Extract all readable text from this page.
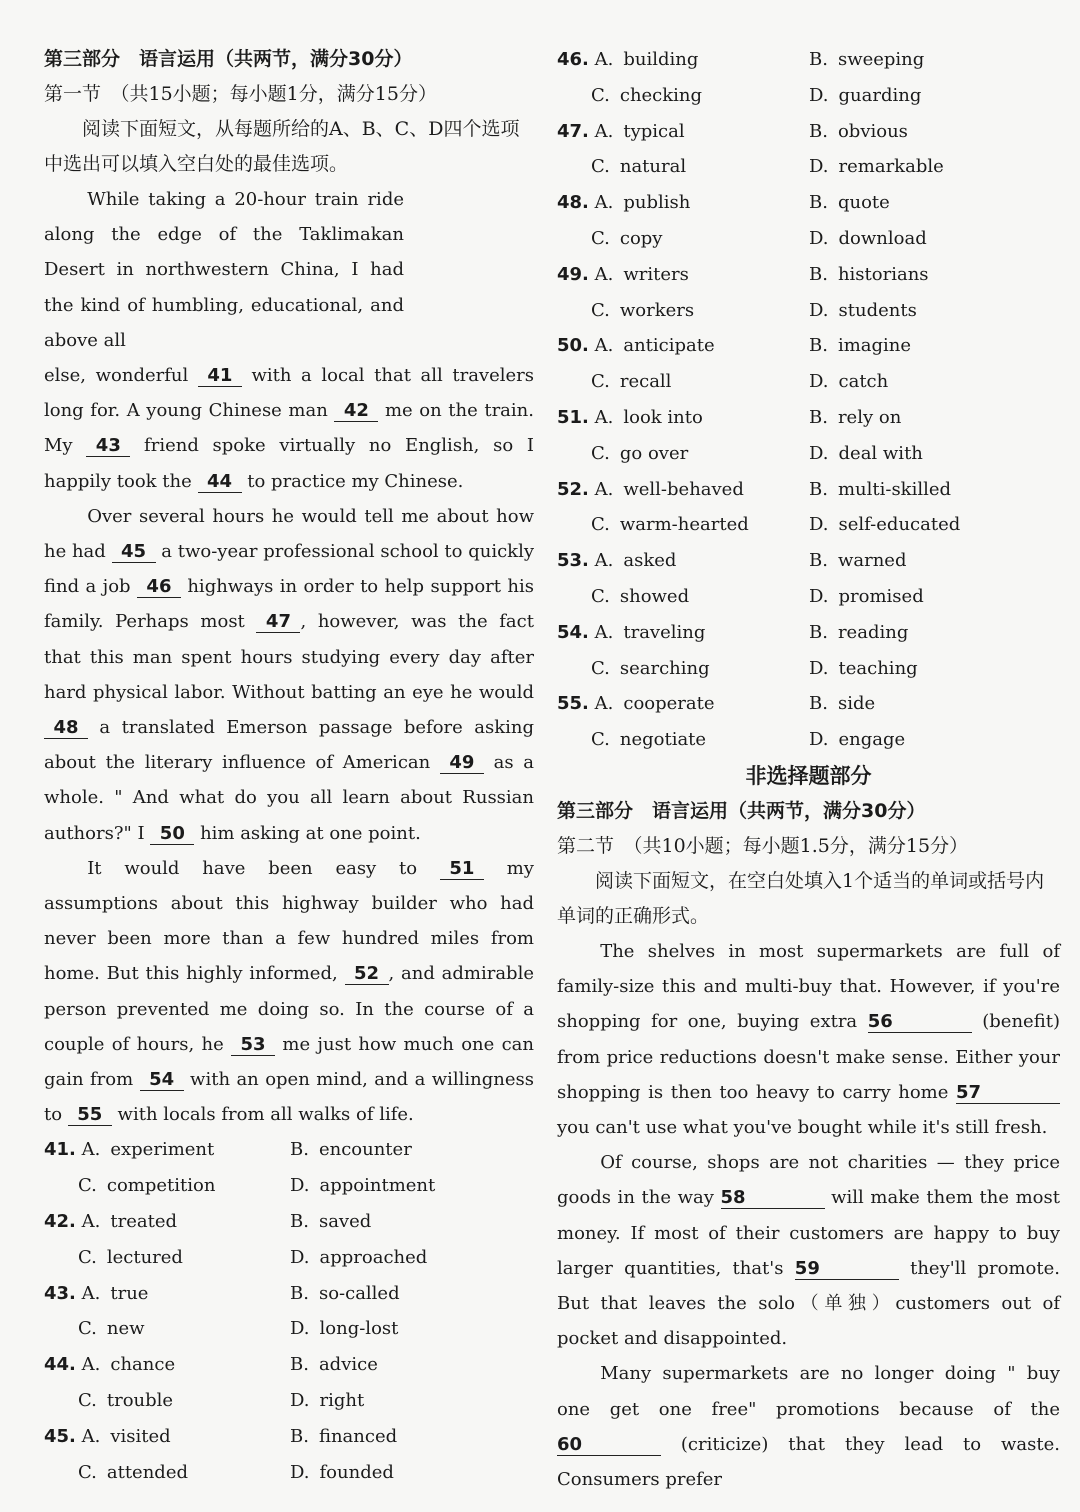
第三部分　语言运用（共两节，满分30分）
第一节　（共15小题；每小题1分，满分15分）
阅读下面短文，从每题所给的A、B、C、D四个选项中选出可以填入空白处的最佳选项。

While taking a 20-hour train ride along the edge of the Taklimakan Desert in northwestern China, I had the kind of humbling, educational, and above all

else, wonderful 41 with a local that all travelers long for. A young Chinese man 42 me on the train. My 43 friend spoke virtually no English, so I happily took the 44 to practice my Chinese.

Over several hours he would tell me about how he had 45 a two-year professional school to quickly find a job 46 highways in order to help support his family. Perhaps most 47 , however, was the fact that this man spent hours studying every day after hard physical labor. Without batting an eye he would 48 a translated Emerson passage before asking about the literary influence of American 49 as a whole. " And what do you all learn about Russian authors?" I 50 him asking at one point.

It would have been easy to 51 my assumptions about this highway builder who had never been more than a few hundred miles from home. But this highly informed, 52 , and admirable person prevented me doing so. In the course of a couple of hours, he 53 me just how much one can gain from 54 with an open mind, and a willingness to 55 with locals from all walks of life.

41. A. experiment	B. encounter
C. competition	D. appointment
42. A. treated	B. saved
C. lectured	D. approached
43. A. true	B. so-called
C. new	D. long-lost
44. A. chance	B. advice
C. trouble	D. right
45. A. visited	B. financed
C. attended	D. founded
46. A. building	B. sweeping
C. checking	D. guarding
47. A. typical	B. obvious
C. natural	D. remarkable
48. A. publish	B. quote
C. copy	D. download
49. A. writers	B. historians
C. workers	D. students
50. A. anticipate	B. imagine
C. recall	D. catch
51. A. look into	B. rely on
C. go over	D. deal with
52. A. well-behaved	B. multi-skilled
C. warm-hearted	D. self-educated
53. A. asked	B. warned
C. showed	D. promised
54. A. traveling	B. reading
C. searching	D. teaching
55. A. cooperate	B. side
C. negotiate	D. engage
非选择题部分
第三部分　语言运用（共两节，满分30分）
第二节　（共10小题；每小题1.5分，满分15分）
阅读下面短文，在空白处填入1个适当的单词或括号内单词的正确形式。

The shelves in most supermarkets are full of family-size this and multi-buy that. However, if you're shopping for one, buying extra 56	(benefit) from price reductions doesn't make sense. Either your shopping is then too heavy to carry home 57 you can't use what you've bought while it's still fresh.

Of course, shops are not charities — they price goods in the way 58	will make them the most money. If most of their customers are happy to buy larger quantities, that's 59	they'll promote. But that leaves the solo（单独）customers out of pocket and disappointed.

Many supermarkets are no longer doing " buy one get one free" promotions because of the 60	(criticize) that they lead to waste. Consumers prefer
